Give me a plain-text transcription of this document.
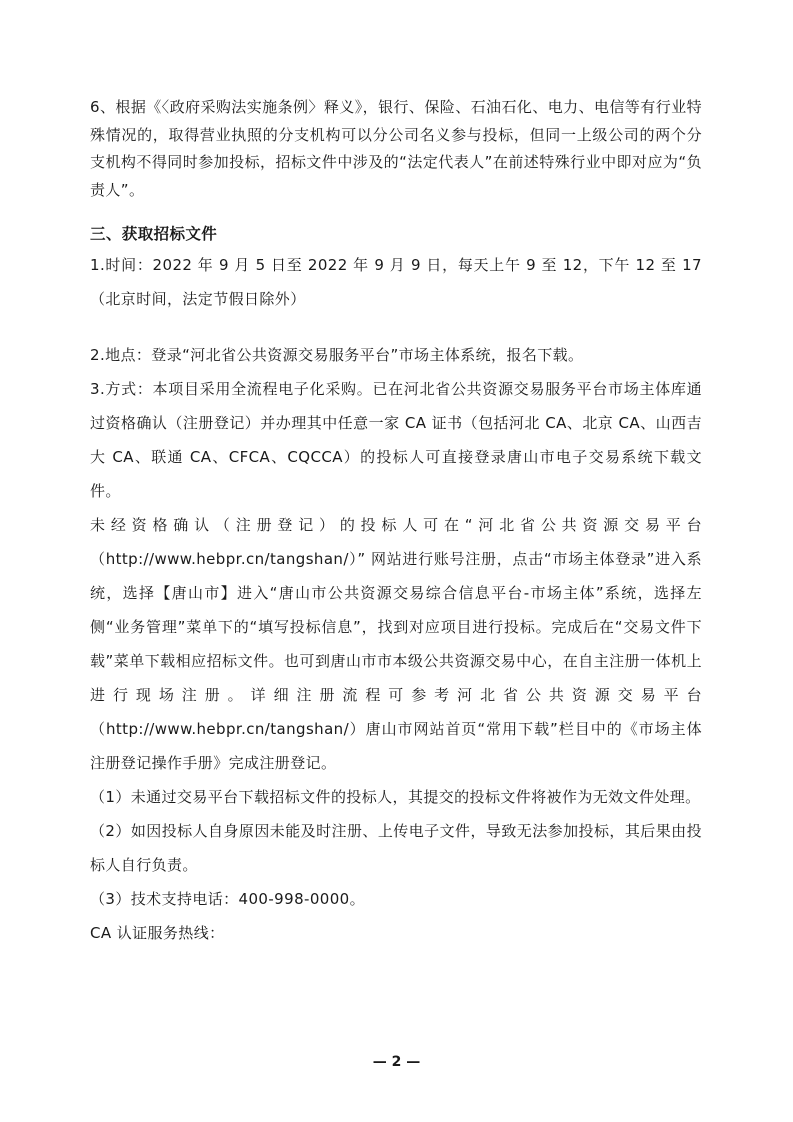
6、根据《〈政府采购法实施条例〉释义》，银行、保险、石油石化、电力、电信等有行业特殊情况的，取得营业执照的分支机构可以分公司名义参与投标，但同一上级公司的两个分支机构不得同时参加投标，招标文件中涉及的“法定代表人”在前述特殊行业中即对应为“负责人”。

三、获取招标文件

1.时间：2022 年 9 月 5 日至 2022 年 9 月 9 日，每天上午 9 至 12，下午 12 至 17（北京时间，法定节假日除外）

2.地点：登录“河北省公共资源交易服务平台”市场主体系统，报名下载。

3.方式：本项目采用全流程电子化采购。已在河北省公共资源交易服务平台市场主体库通过资格确认（注册登记）并办理其中任意一家 CA 证书（包括河北 CA、北京 CA、山西吉大 CA、联通 CA、CFCA、CQCCA）的投标人可直接登录唐山市电子交易系统下载文件。

未经资格确认（注册登记）的投标人可在“河北省公共资源交易平台

（http://www.hebpr.cn/tangshan/）” 网站进行账号注册，点击“市场主体登录”进入系统，选择【唐山市】进入“唐山市公共资源交易综合信息平台-市场主体”系统，选择左侧“业务管理”菜单下的“填写投标信息”，找到对应项目进行投标。完成后在“交易文件下载”菜单下载相应招标文件。也可到唐山市市本级公共资源交易中心，在自主注册一体机上进行现场注册。详细注册流程可参考河北省公共资源交易平台（http://www.hebpr.cn/tangshan/）唐山市网站首页“常用下载”栏目中的《市场主体注册登记操作手册》完成注册登记。

（1）未通过交易平台下载招标文件的投标人，其提交的投标文件将被作为无效文件处理。

（2）如因投标人自身原因未能及时注册、上传电子文件，导致无法参加投标，其后果由投标人自行负责。

（3）技术支持电话：400-998-0000。

CA 认证服务热线：

— 2 —
